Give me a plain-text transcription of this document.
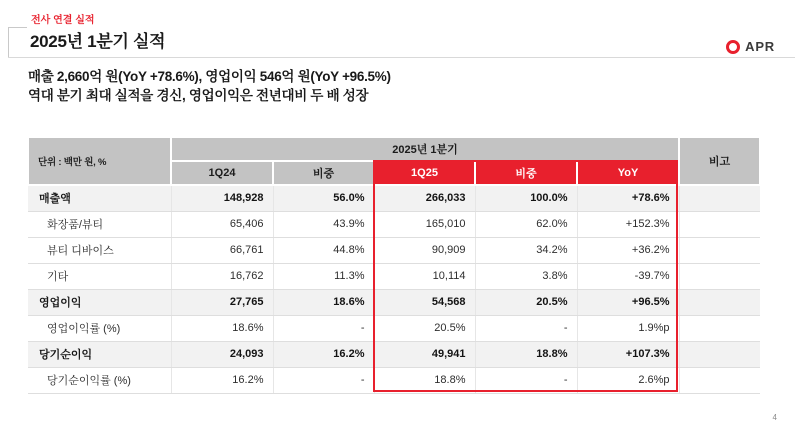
전사 연결 실적
2025년 1분기 실적	APR
매출 2,660억 원(YoY +78.6%), 영업이익 546억 원(YoY +96.5%)
역대 분기 최대 실적을 경신, 영업이익은 전년대비 두 배 성장
단위 : 백만 원, %	2025년 1분기					비고
	1Q24	비중	1Q25	비중	YoY	
매출액	148,928	56.0%	266,033	100.0%	+78.6%	
화장품/뷰티	65,406	43.9%	165,010	62.0%	+152.3%	
뷰티 디바이스	66,761	44.8%	90,909	34.2%	+36.2%	
기타	16,762	11.3%	10,114	3.8%	-39.7%	
영업이익	27,765	18.6%	54,568	20.5%	+96.5%	
영업이익률 (%)	18.6%	-	20.5%	-	1.9%p	
당기순이익	24,093	16.2%	49,941	18.8%	+107.3%	
당기순이익률 (%)	16.2%	-	18.8%	-	2.6%p	
4
